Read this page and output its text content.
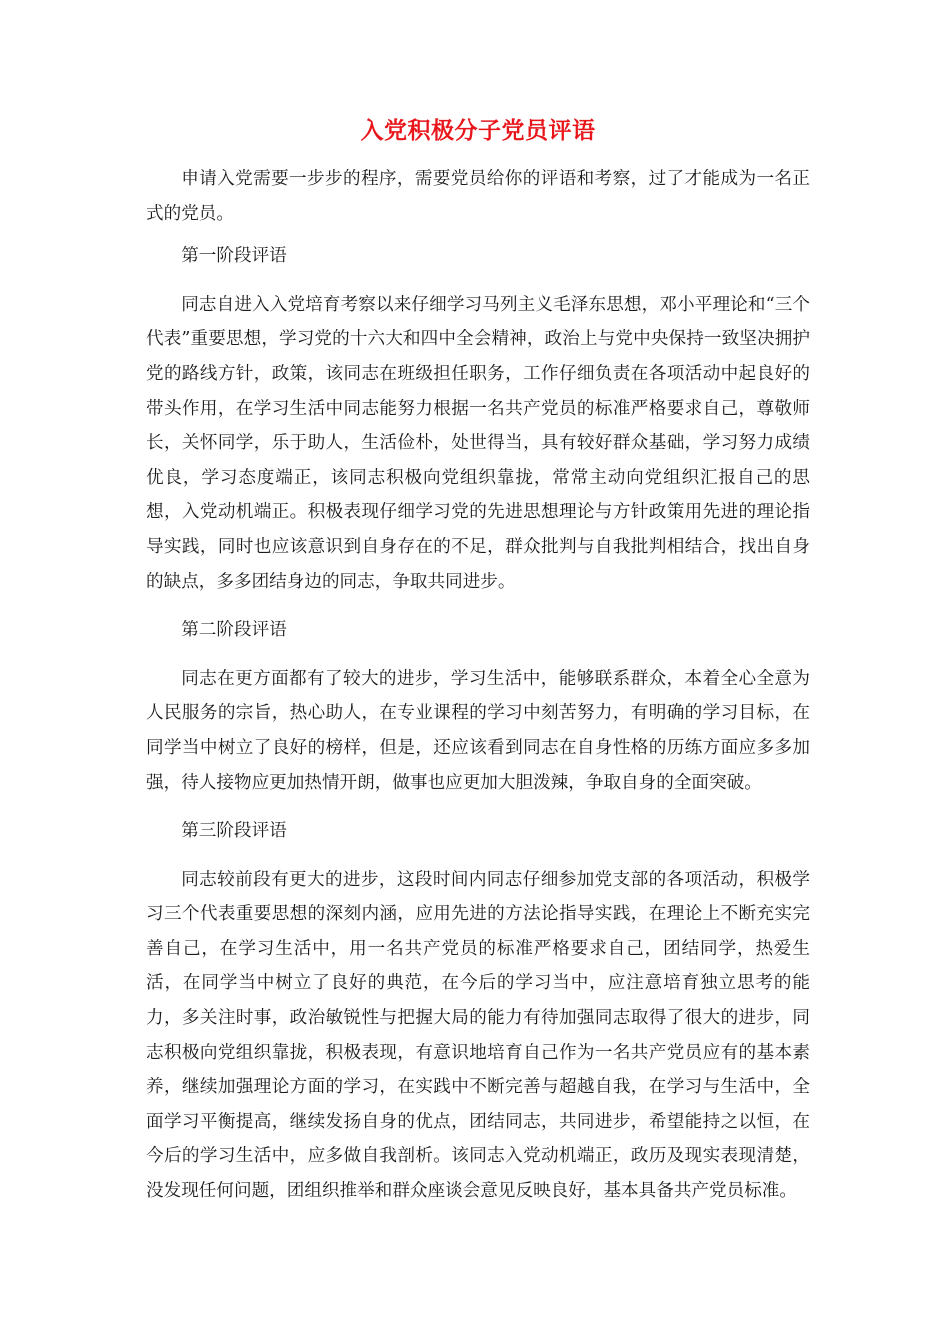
入党积极分子党员评语

申请入党需要一步步的程序，需要党员给你的评语和考察，过了才能成为一名正式的党员。

第一阶段评语

同志自进入入党培育考察以来仔细学习马列主义毛泽东思想，邓小平理论和“三个代表”重要思想，学习党的十六大和四中全会精神，政治上与党中央保持一致坚决拥护党的路线方针，政策，该同志在班级担任职务，工作仔细负责在各项活动中起良好的带头作用，在学习生活中同志能努力根据一名共产党员的标准严格要求自己，尊敬师长，关怀同学，乐于助人，生活俭朴，处世得当，具有较好群众基础，学习努力成绩优良，学习态度端正，该同志积极向党组织靠拢，常常主动向党组织汇报自己的思想，入党动机端正。积极表现仔细学习党的先进思想理论与方针政策用先进的理论指导实践，同时也应该意识到自身存在的不足，群众批判与自我批判相结合，找出自身的缺点，多多团结身边的同志，争取共同进步。

第二阶段评语

同志在更方面都有了较大的进步，学习生活中，能够联系群众，本着全心全意为人民服务的宗旨，热心助人，在专业课程的学习中刻苦努力，有明确的学习目标，在同学当中树立了良好的榜样，但是，还应该看到同志在自身性格的历练方面应多多加强，待人接物应更加热情开朗，做事也应更加大胆泼辣，争取自身的全面突破。

第三阶段评语

同志较前段有更大的进步，这段时间内同志仔细参加党支部的各项活动，积极学习三个代表重要思想的深刻内涵，应用先进的方法论指导实践，在理论上不断充实完善自己，在学习生活中，用一名共产党员的标准严格要求自己，团结同学，热爱生活，在同学当中树立了良好的典范，在今后的学习当中，应注意培育独立思考的能力，多关注时事，政治敏锐性与把握大局的能力有待加强同志取得了很大的进步，同志积极向党组织靠拢，积极表现，有意识地培育自己作为一名共产党员应有的基本素养，继续加强理论方面的学习，在实践中不断完善与超越自我，在学习与生活中，全面学习平衡提高，继续发扬自身的优点，团结同志，共同进步，希望能持之以恒，在今后的学习生活中，应多做自我剖析。该同志入党动机端正，政历及现实表现清楚，没发现任何问题，团组织推举和群众座谈会意见反映良好，基本具备共产党员标准。
